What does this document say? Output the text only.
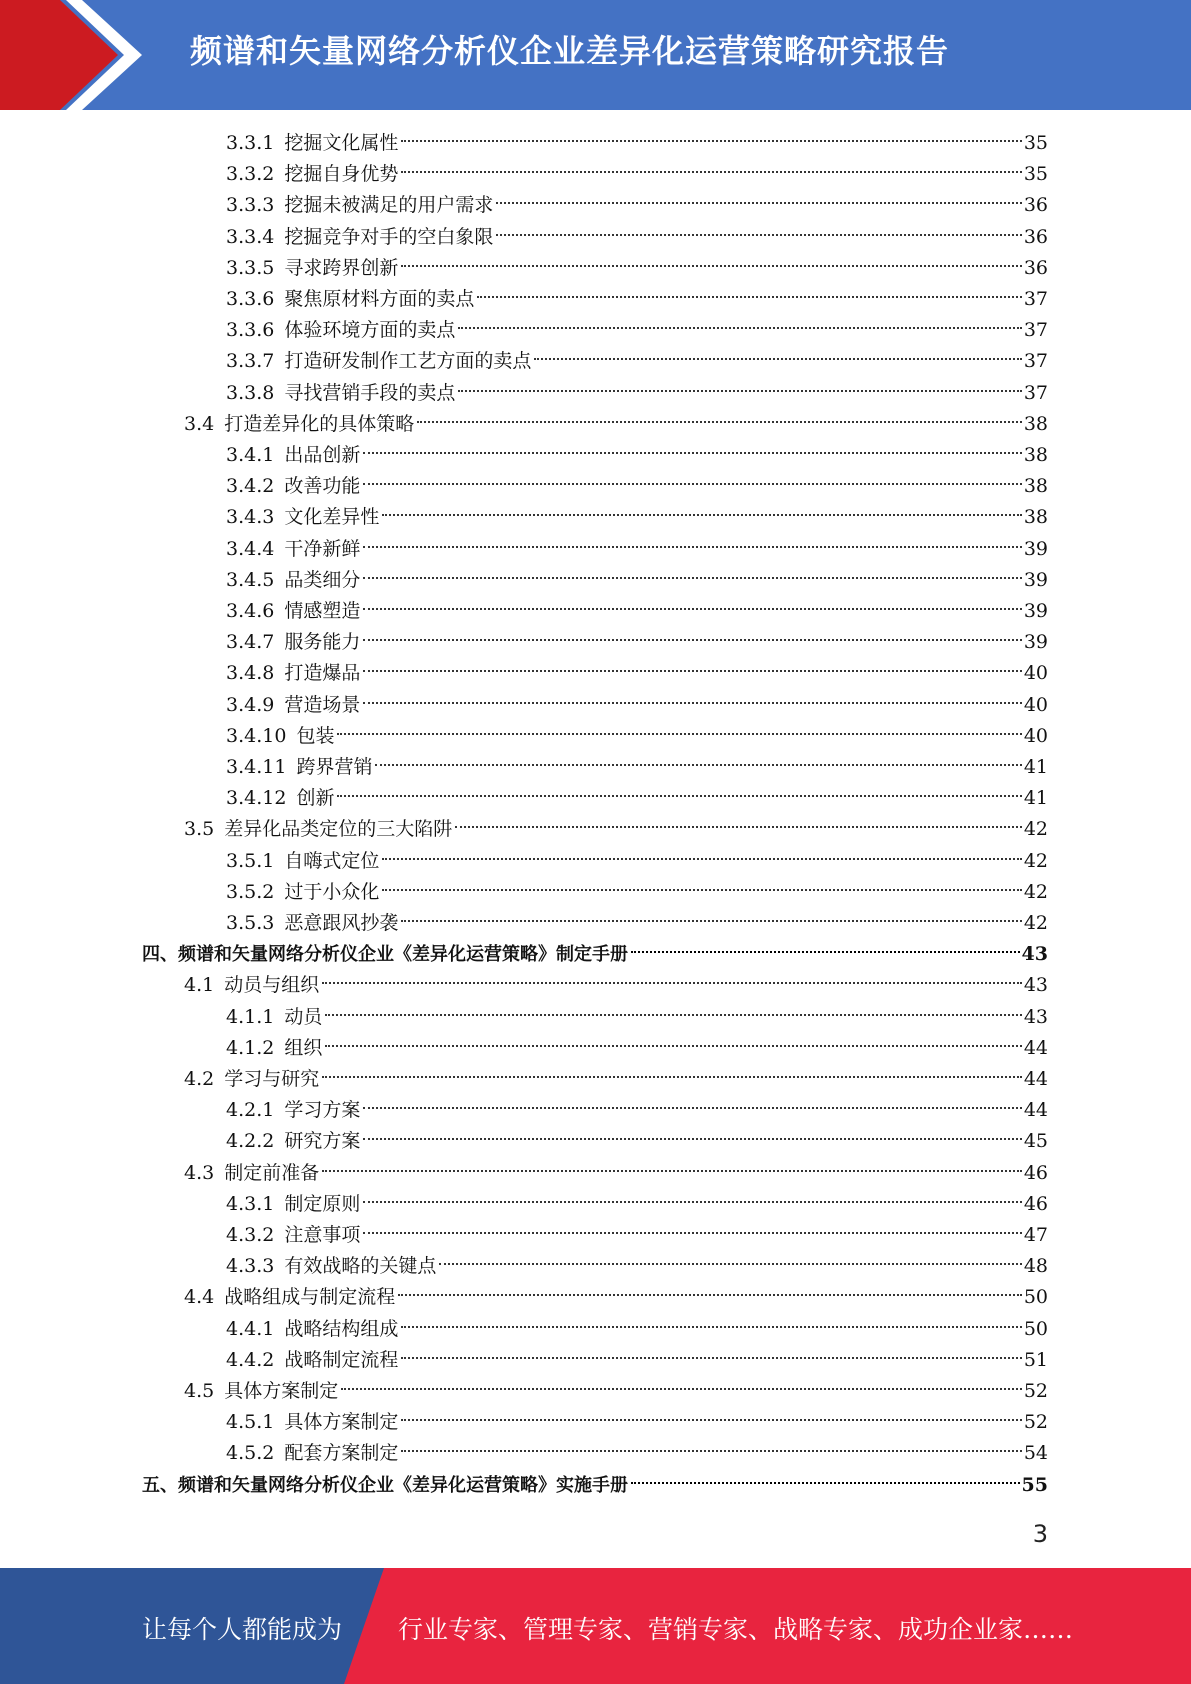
频谱和矢量网络分析仪企业差异化运营策略研究报告
3.3.1 挖掘文化属性	35
3.3.2 挖掘自身优势	35
3.3.3 挖掘未被满足的用户需求	36
3.3.4 挖掘竞争对手的空白象限	36
3.3.5 寻求跨界创新	36
3.3.6 聚焦原材料方面的卖点	37
3.3.6 体验环境方面的卖点	37
3.3.7 打造研发制作工艺方面的卖点	37
3.3.8 寻找营销手段的卖点	37
3.4 打造差异化的具体策略	38
3.4.1 出品创新	38
3.4.2 改善功能	38
3.4.3 文化差异性	38
3.4.4 干净新鲜	39
3.4.5 品类细分	39
3.4.6 情感塑造	39
3.4.7 服务能力	39
3.4.8 打造爆品	40
3.4.9 营造场景	40
3.4.10 包装	40
3.4.11 跨界营销	41
3.4.12 创新	41
3.5 差异化品类定位的三大陷阱	42
3.5.1 自嗨式定位	42
3.5.2 过于小众化	42
3.5.3 恶意跟风抄袭	42
四、 频谱和矢量网络分析仪企业《差异化运营策略》制定手册	43
4.1 动员与组织	43
4.1.1 动员	43
4.1.2 组织	44
4.2 学习与研究	44
4.2.1 学习方案	44
4.2.2 研究方案	45
4.3 制定前准备	46
4.3.1 制定原则	46
4.3.2 注意事项	47
4.3.3 有效战略的关键点	48
4.4 战略组成与制定流程	50
4.4.1 战略结构组成	50
4.4.2 战略制定流程	51
4.5 具体方案制定	52
4.5.1 具体方案制定	52
4.5.2 配套方案制定	54
五、 频谱和矢量网络分析仪企业《差异化运营策略》实施手册	55
3
让每个人都能成为 行业专家、管理专家、营销专家、战略专家、成功企业家……
